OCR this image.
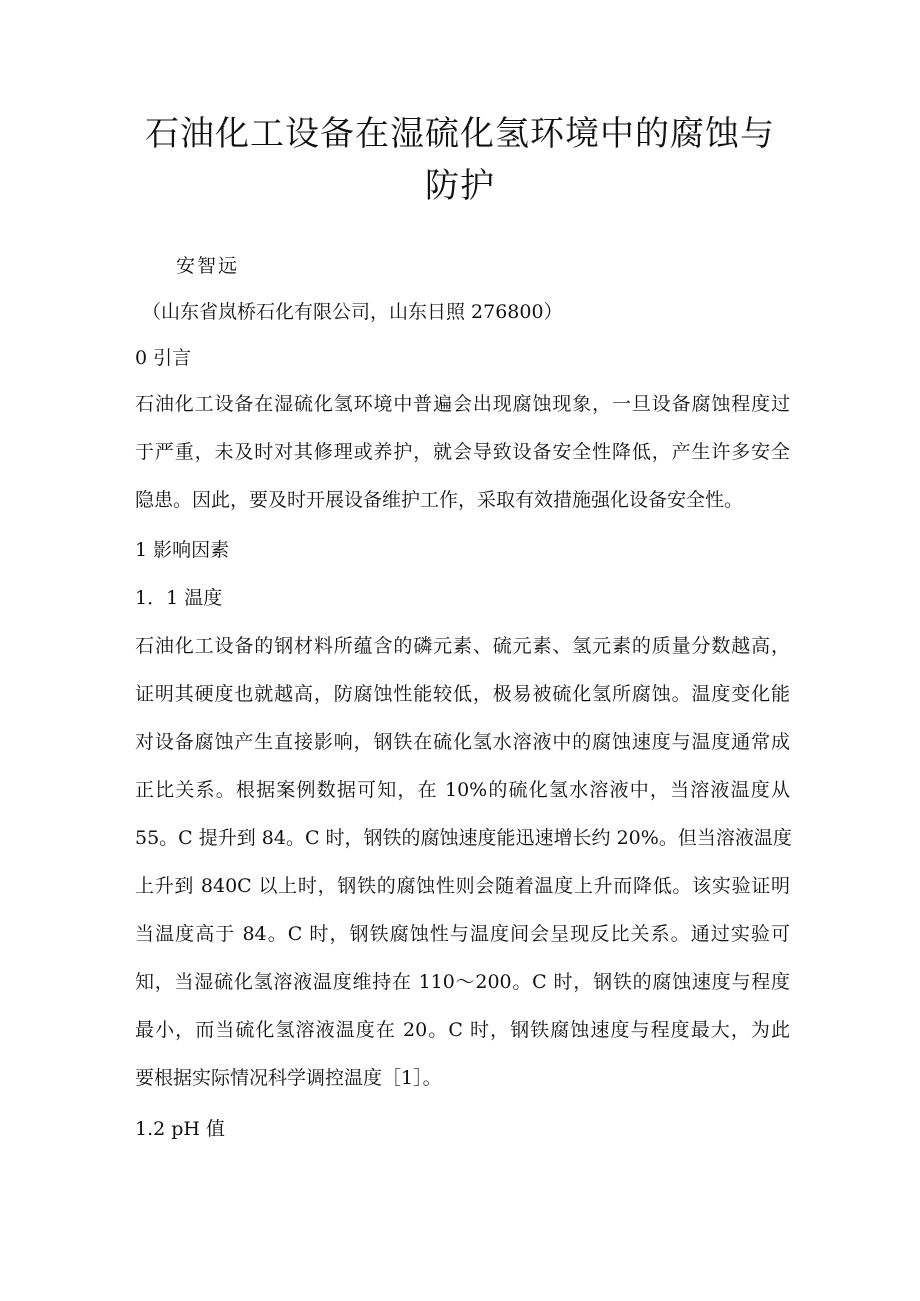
石油化工设备在湿硫化氢环境中的腐蚀与
防护
安智远
（山东省岚桥石化有限公司，山东日照 276800）
0 引言

石油化工设备在湿硫化氢环境中普遍会出现腐蚀现象，一旦设备腐蚀程度过
于严重，未及时对其修理或养护，就会导致设备安全性降低，产生许多安全
隐患。因此，要及时开展设备维护工作，采取有效措施强化设备安全性。

1 影响因素
1．1 温度

石油化工设备的钢材料所蕴含的磷元素、硫元素、氢元素的质量分数越高，
证明其硬度也就越高，防腐蚀性能较低，极易被硫化氢所腐蚀。温度变化能
对设备腐蚀产生直接影响，钢铁在硫化氢水溶液中的腐蚀速度与温度通常成
正比关系。根据案例数据可知，在 10%的硫化氢水溶液中，当溶液温度从
55。C 提升到 84。C 时，钢铁的腐蚀速度能迅速增长约 20%。但当溶液温度
上升到 840C 以上时，钢铁的腐蚀性则会随着温度上升而降低。该实验证明
当温度高于 84。C 时，钢铁腐蚀性与温度间会呈现反比关系。通过实验可
知，当湿硫化氢溶液温度维持在 110～200。C 时，钢铁的腐蚀速度与程度
最小，而当硫化氢溶液温度在 20。C 时，钢铁腐蚀速度与程度最大，为此
要根据实际情况科学调控温度［1］。

1.2 pH 值
